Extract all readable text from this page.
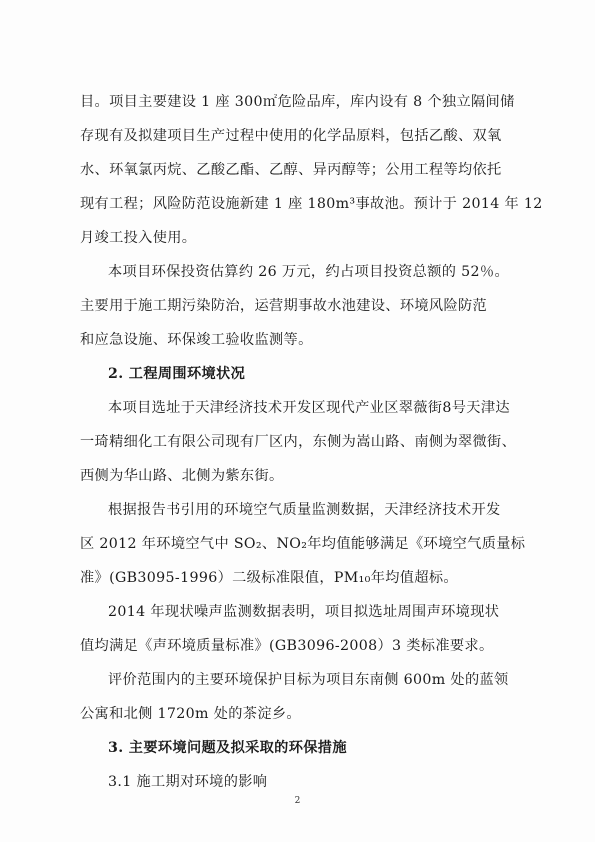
目。项目主要建设 1 座 300㎡危险品库，库内设有 8 个独立隔间储
存现有及拟建项目生产过程中使用的化学品原料，包括乙酸、双氧
水、环氧氯丙烷、乙酸乙酯、乙醇、异丙醇等；公用工程等均依托
现有工程；风险防范设施新建 1 座 180m³事故池。预计于 2014 年 12
月竣工投入使用。
本项目环保投资估算约 26 万元，约占项目投资总额的 52％。
主要用于施工期污染防治，运营期事故水池建设、环境风险防范
和应急设施、环保竣工验收监测等。
2. 工程周围环境状况
本项目选址于天津经济技术开发区现代产业区翠薇街8号天津达
一琦精细化工有限公司现有厂区内，东侧为嵩山路、南侧为翠微街、
西侧为华山路、北侧为紫东街。
根据报告书引用的环境空气质量监测数据，天津经济技术开发
区 2012 年环境空气中 SO₂、NO₂年均值能够满足《环境空气质量标
准》(GB3095-1996）二级标准限值，PM₁₀年均值超标。
2014 年现状噪声监测数据表明，项目拟选址周围声环境现状
值均满足《声环境质量标准》(GB3096-2008）3 类标准要求。
评价范围内的主要环境保护目标为项目东南侧 600m 处的蓝领
公寓和北侧 1720m 处的茶淀乡。
3. 主要环境问题及拟采取的环保措施
3.1 施工期对环境的影响
2
